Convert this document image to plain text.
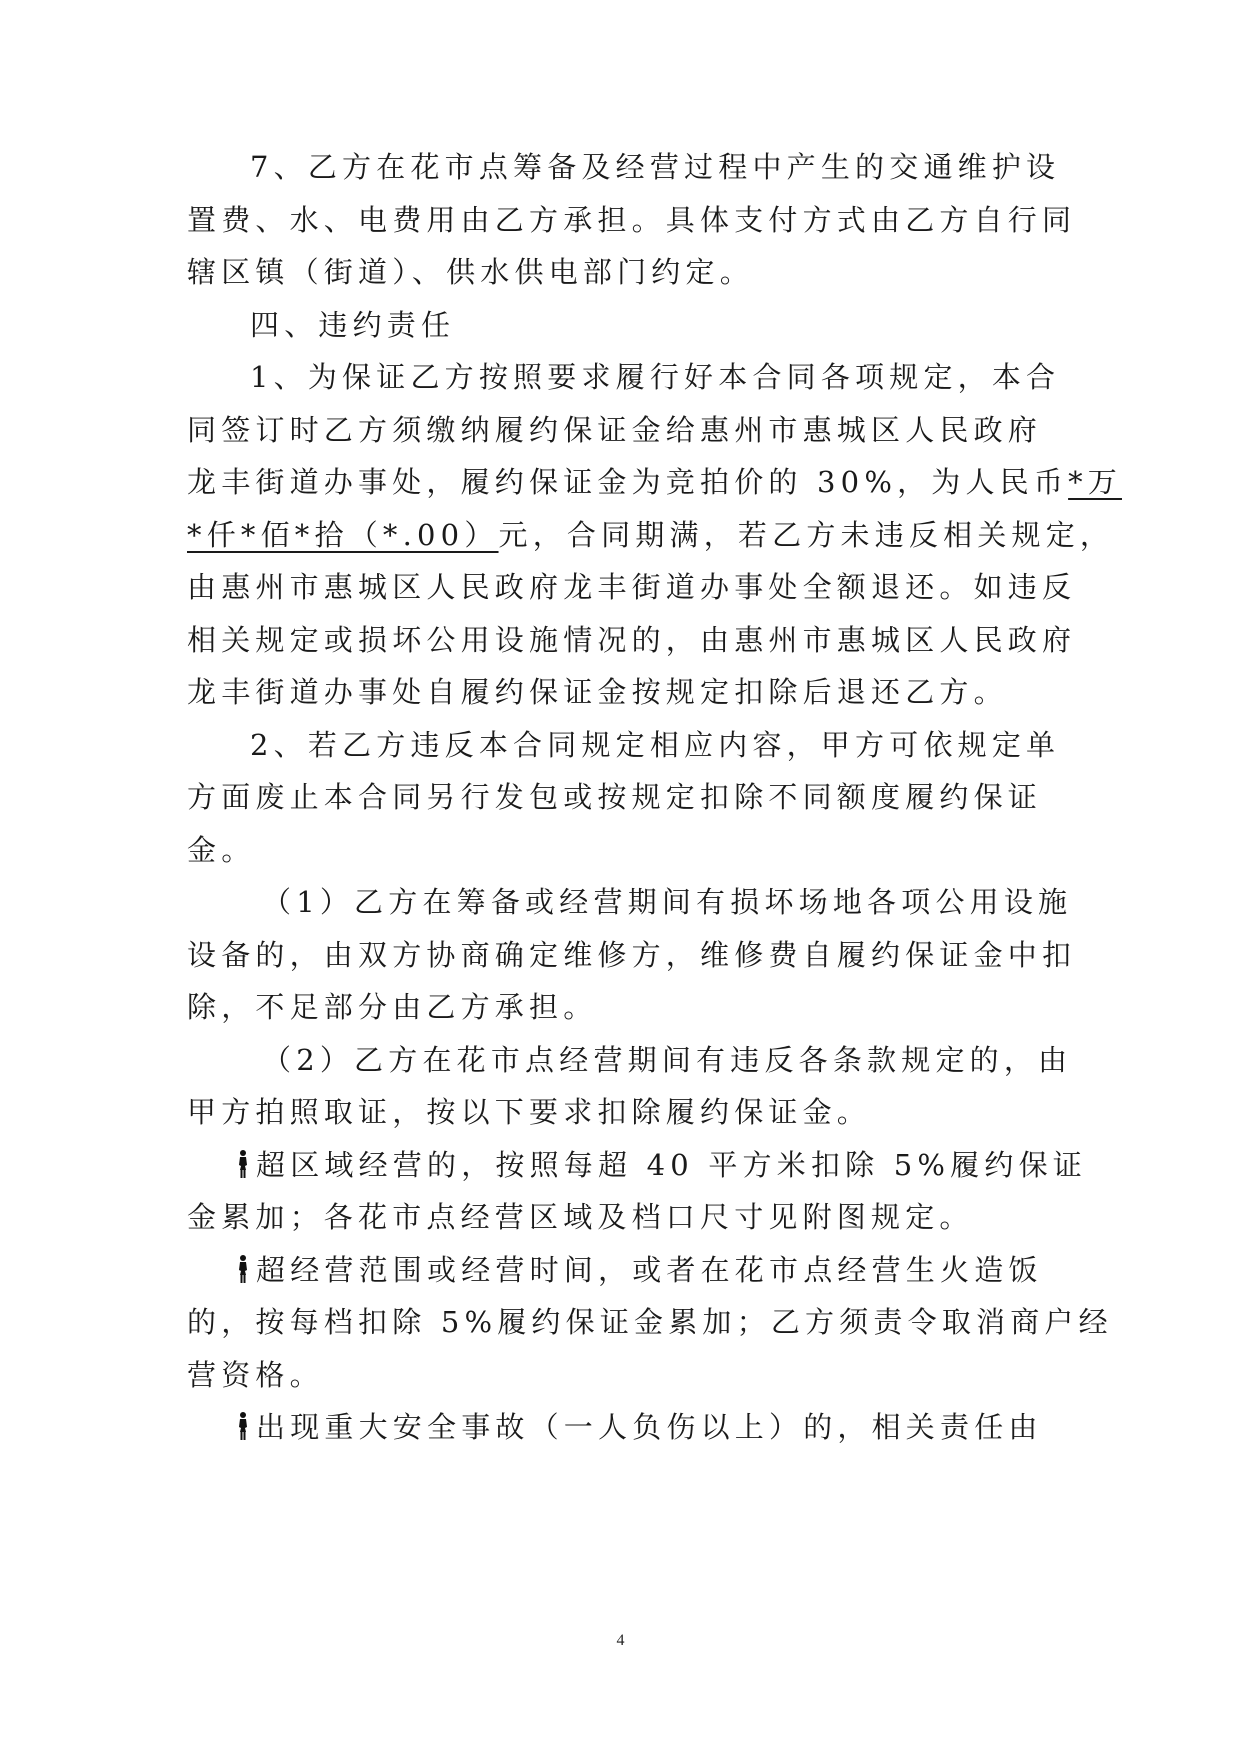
7、乙方在花市点筹备及经营过程中产生的交通维护设
置费、水、电费用由乙方承担。具体支付方式由乙方自行同
辖区镇（街道）、供水供电部门约定。
四、违约责任
1、为保证乙方按照要求履行好本合同各项规定，本合
同签订时乙方须缴纳履约保证金给惠州市惠城区人民政府
龙丰街道办事处，履约保证金为竞拍价的 30%，为人民币*万
*仟*佰*拾（*.00）元，合同期满，若乙方未违反相关规定，
由惠州市惠城区人民政府龙丰街道办事处全额退还。如违反
相关规定或损坏公用设施情况的，由惠州市惠城区人民政府
龙丰街道办事处自履约保证金按规定扣除后退还乙方。
2、若乙方违反本合同规定相应内容，甲方可依规定单
方面废止本合同另行发包或按规定扣除不同额度履约保证
金。
（1）乙方在筹备或经营期间有损坏场地各项公用设施
设备的，由双方协商确定维修方，维修费自履约保证金中扣
除，不足部分由乙方承担。
（2）乙方在花市点经营期间有违反各条款规定的，由
甲方拍照取证，按以下要求扣除履约保证金。
超区域经营的，按照每超 40 平方米扣除 5%履约保证
金累加；各花市点经营区域及档口尺寸见附图规定。
超经营范围或经营时间，或者在花市点经营生火造饭
的，按每档扣除 5%履约保证金累加；乙方须责令取消商户经
营资格。
出现重大安全事故（一人负伤以上）的，相关责任由
4
